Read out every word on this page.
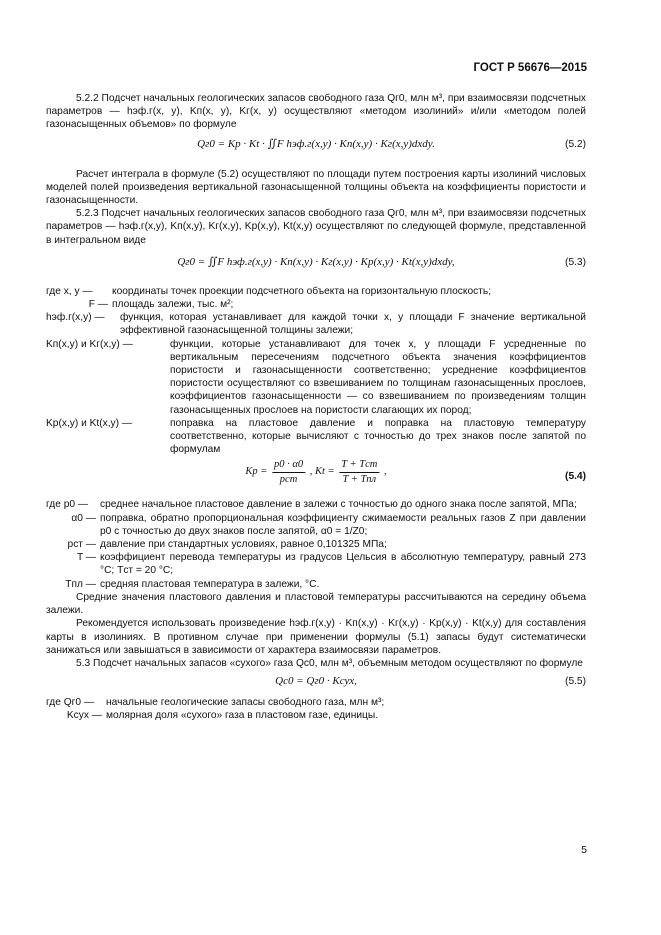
ГОСТ Р 56676—2015

5.2.2 Подсчет начальных геологических запасов свободного газа Qг0, млн м³, при взаимосвязи подсчетных параметров — hэф.г(x, y), Kп(x, y), Kг(x, y) осуществляют «методом изолиний» и/или «методом полей газонасыщенных объемов» по формуле

Qг0 = Kp · Kt · ∬F hэф.г(x,y) · Kп(x,y) · Kг(x,y)dxdy.	(5.2)

Расчет интеграла в формуле (5.2) осуществляют по площади путем построения карты изолиний числовых моделей полей произведения вертикальной газонасыщенной толщины объекта на коэффициенты пористости и газонасыщенности.

5.2.3 Подсчет начальных геологических запасов свободного газа Qг0, млн м³, при взаимосвязи подсчетных параметров — hэф.г(x,y), Kп(x,y), Kг(x,y), Kp(x,y), Kt(x,y) осуществляют по следующей формуле, представленной в интегральном виде

Qг0 = ∬F hэф.г(x,y) · Kп(x,y) · Kг(x,y) · Kp(x,y) · Kt(x,y)dxdy,	(5.3)
где x, y —	координаты точек проекции подсчетного объекта на горизонтальную плоскость;
F — площадь залежи, тыс. м²;
hэф.г(x,y) —	функция, которая устанавливает для каждой точки x, y площади F значение вертикальной эффективной газонасыщенной толщины залежи;
Kп(x,y) и Kг(x,y) —	функции, которые устанавливают для точек x, y площади F усредненные по вертикальным пересечениям подсчетного объекта значения коэффициентов пористости и газонасыщенности соответственно; усреднение коэффициентов пористости осуществляют со взвешиванием по толщинам газонасыщенных прослоев, коэффициентов газонасыщенности — со взвешиванием по произведениям толщин газонасыщенных прослоев на пористости слагающих их пород;
Kp(x,y) и Kt(x,y) —	поправка на пластовое давление и поправка на пластовую температуру соответственно, которые вычисляют с точностью до трех знаков после запятой по формулам
$Kp = \frac{p0 \cdot \alpha 0}{\text{pст}}$ , $Kt = \frac{\text{T + Tст}}{\text{T + Tпл}}$ ,	(5.4)
где p0 —	среднее начальное пластовое давление в залежи с точностью до одного знака после запятой, МПа;
α0 — поправка, обратно пропорциональная коэффициенту сжимаемости реальных газов Z при давлении p0 с точностью до двух знаков после запятой, α0 = 1/Z0;
pст — давление при стандартных условиях, равное 0,101325 МПа;
T — коэффициент перевода температуры из градусов Цельсия в абсолютную температуру, равный 273 °С; Tст = 20 °С;
Tпл — средняя пластовая температура в залежи, °С.

Средние значения пластового давления и пластовой температуры рассчитываются на середину объема залежи.

Рекомендуется использовать произведение hэф.г(x,y) · Kп(x,y) · Kг(x,y) · Kp(x,y) · Kt(x,y) для составления карты в изолиниях. В противном случае при применении формулы (5.1) запасы будут систематически занижаться или завышаться в зависимости от характера взаимосвязи параметров.

5.3 Подсчет начальных запасов «сухого» газа Qс0, млн м³, объемным методом осуществляют по формуле

Qс0 = Qг0 · Kсух,	(5.5)
где Qг0 —	начальные геологические запасы свободного газа, млн м³;
Kсух — молярная доля «сухого» газа в пластовом газе, единицы.
5
